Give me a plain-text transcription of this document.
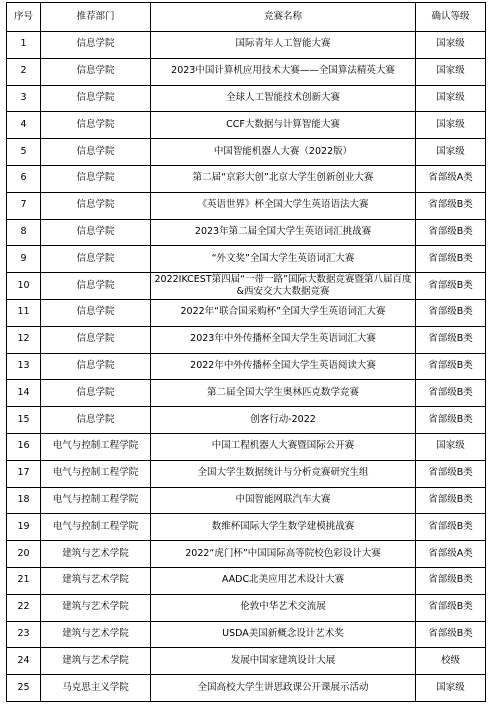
序号	推荐部门	竞赛名称	确认等级
1	信息学院	国际青年人工智能大赛	国家级
2	信息学院	2023中国计算机应用技术大赛——全国算法精英大赛	国家级
3	信息学院	全球人工智能技术创新大赛	国家级
4	信息学院	CCF大数据与计算智能大赛	国家级
5	信息学院	中国智能机器人大赛（2022版）	国家级
6	信息学院	第二届“京彩大创”北京大学生创新创业大赛	省部级A类
7	信息学院	《英语世界》杯全国大学生英语语法大赛	省部级B类
8	信息学院	2023年第二届全国大学生英语词汇挑战赛	省部级B类
9	信息学院	“外文奖”全国大学生英语词汇大赛	省部级B类
10	信息学院	2022IKCEST第四届“一带一路”国际大数据竞赛暨第八届百度&西安交大大数据竞赛	省部级B类
11	信息学院	2022年“联合国采购杯”全国大学生英语词汇大赛	省部级B类
12	信息学院	2023年中外传播杯全国大学生英语词汇大赛	省部级B类
13	信息学院	2022年中外传播杯全国大学生英语阅读大赛	省部级B类
14	信息学院	第二届全国大学生奥林匹克数学竞赛	省部级B类
15	信息学院	创客行动-2022	省部级B类
16	电气与控制工程学院	中国工程机器人大赛暨国际公开赛	国家级
17	电气与控制工程学院	全国大学生数据统计与分析竞赛研究生组	省部级B类
18	电气与控制工程学院	中国智能网联汽车大赛	省部级B类
19	电气与控制工程学院	数维杯国际大学生数学建模挑战赛	省部级B类
20	建筑与艺术学院	2022“虎门杯”中国国际高等院校色彩设计大赛	省部级A类
21	建筑与艺术学院	AADC北美应用艺术设计大赛	省部级B类
22	建筑与艺术学院	伦敦中华艺术交流展	省部级B类
23	建筑与艺术学院	USDA美国新概念设计艺术奖	省部级B类
24	建筑与艺术学院	发展中国家建筑设计大展	校级
25	马克思主义学院	全国高校大学生讲思政课公开课展示活动	国家级
